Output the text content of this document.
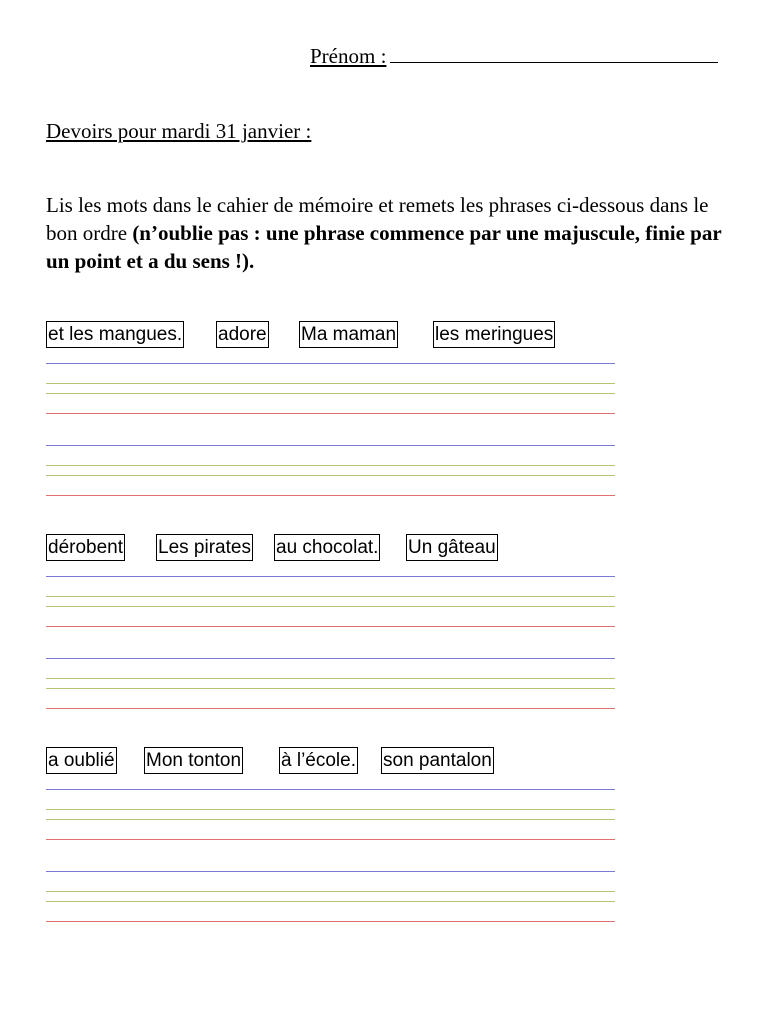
Prénom :
Devoirs pour mardi 31 janvier :
Lis les mots dans le cahier de mémoire et remets les phrases ci-dessous dans le bon ordre (n’oublie pas : une phrase commence par une majuscule, finie par un point et a du sens !).
et les mangues. adore Ma maman les meringues
dérobent Les pirates au chocolat. Un gâteau
a oublié Mon tonton à l’école. son pantalon
